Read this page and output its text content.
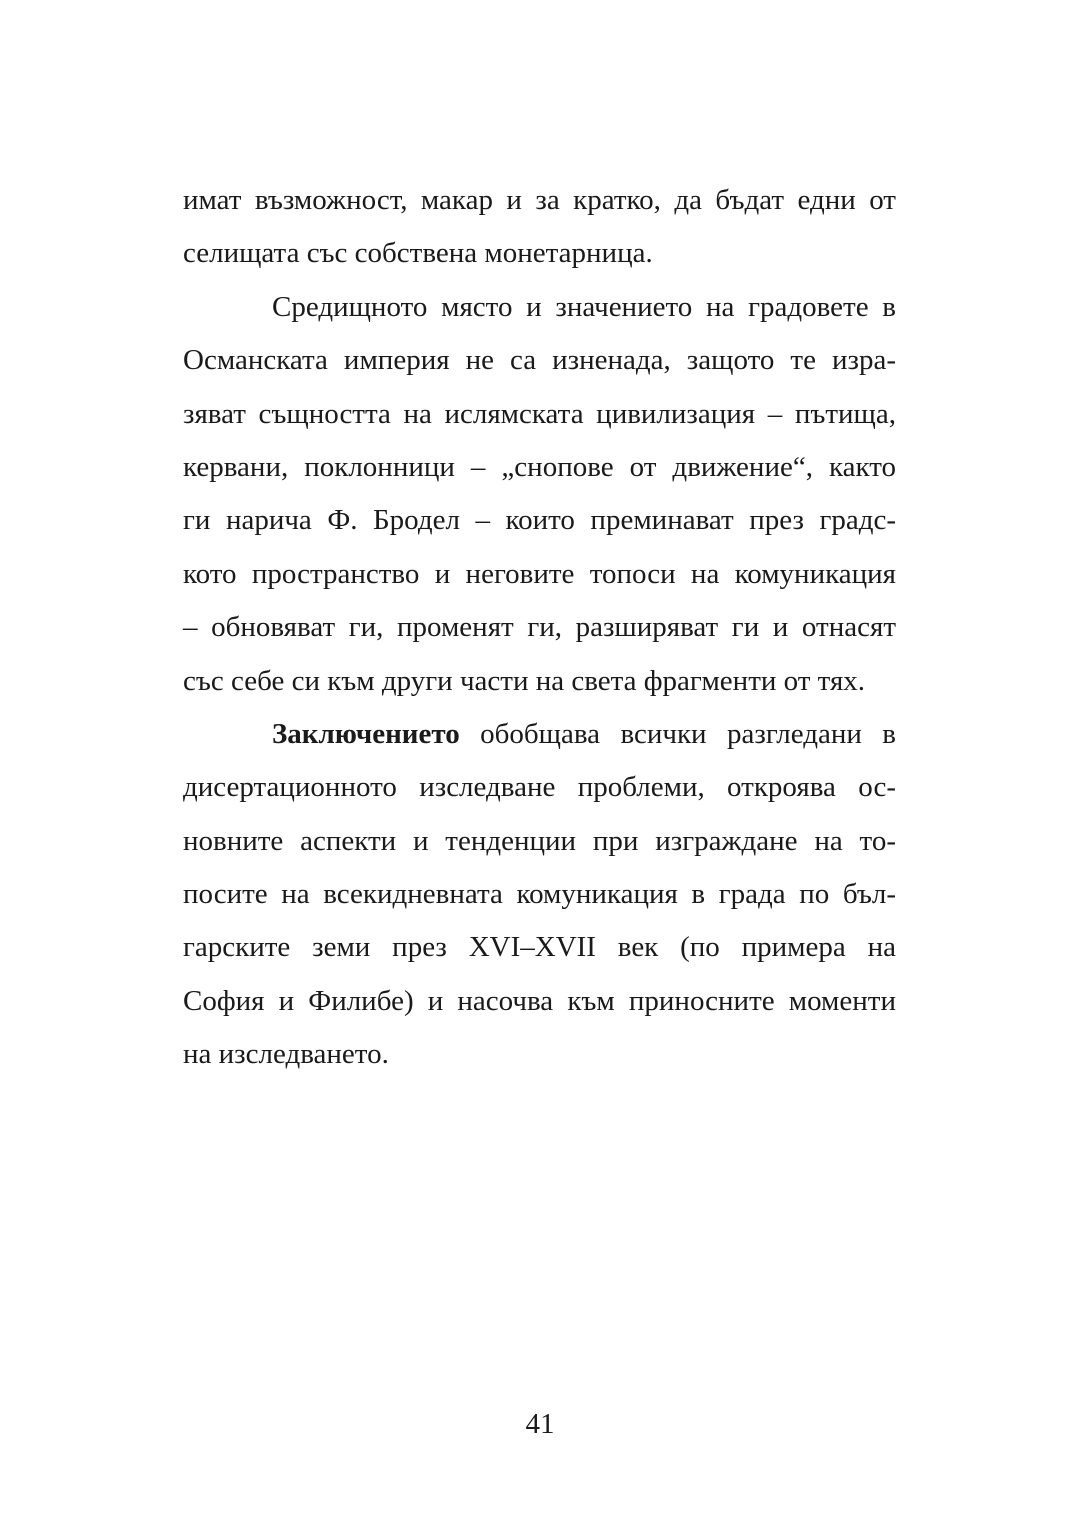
имат възможност, макар и за кратко, да бъдат едни от
селищата със собствена монетарница.
Средищното място и значението на градовете в
Османската империя не са изненада, защото те изра-
зяват същността на ислямската цивилизация – пътища,
кервани, поклонници – „снопове от движение“, както
ги нарича Ф. Бродел – които преминават през градс-
кото пространство и неговите топоси на комуникация
– обновяват ги, променят ги, разширяват ги и отнасят
със себе си към други части на света фрагменти от тях.
Заключението обобщава всички разгледани в
дисертационното изследване проблеми, откроява ос-
новните аспекти и тенденции при изграждане на то-
посите на всекидневната комуникация в града по бъл-
гарските земи през XVI–XVII век (по примера на
София и Филибе) и насочва към приносните моменти
на изследването.
41
